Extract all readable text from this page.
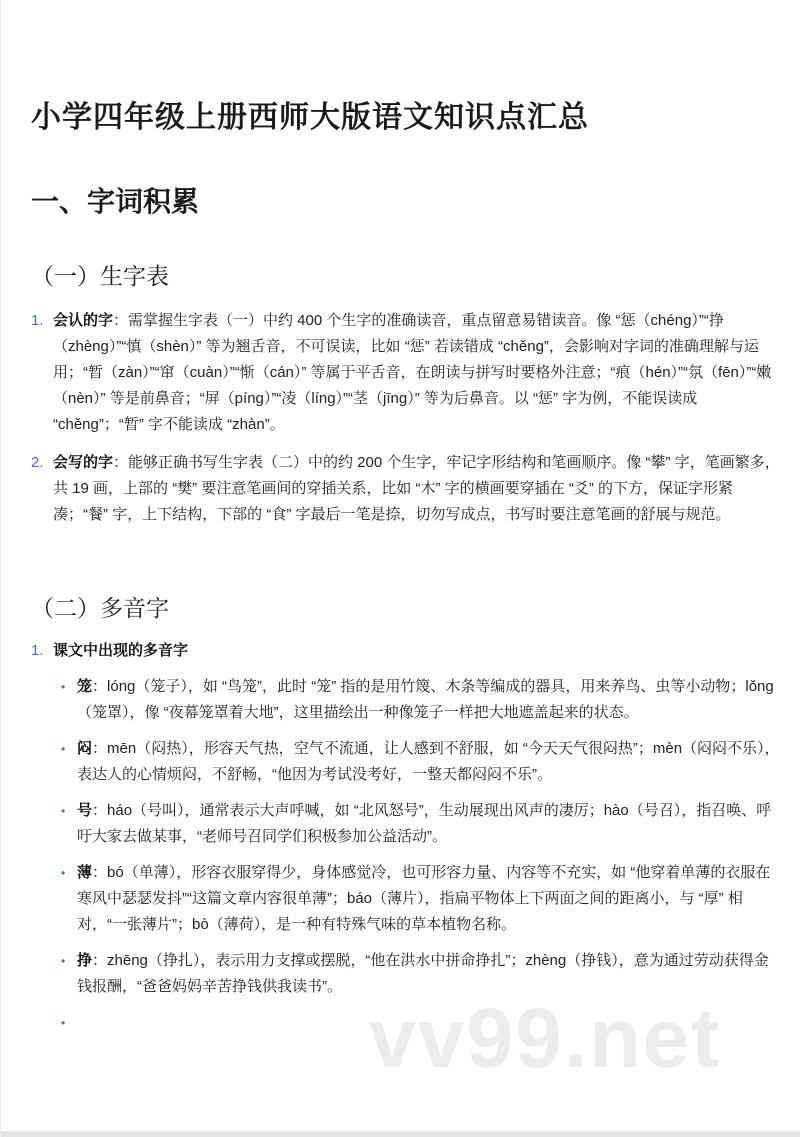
小学四年级上册西师大版语文知识点汇总
一、字词积累
（一）生字表
1. 会认的字：需掌握生字表（一）中约 400 个生字的准确读音，重点留意易错读音。像 “惩（chéng）”“挣（zhèng）”“慎（shèn）” 等为翘舌音，不可误读，比如 “惩” 若读错成 “chěng”，会影响对字词的准确理解与运用；“暂（zàn）”“窜（cuàn）”“惭（cán）” 等属于平舌音，在朗读与拼写时要格外注意；“痕（hén）”“氛（fēn）”“嫩（nèn）” 等是前鼻音；“屏（píng）”“凌（líng）”“茎（jīng）” 等为后鼻音。以 “惩” 字为例，不能误读成 “chěng”；“暂” 字不能读成 “zhàn”。
2. 会写的字：能够正确书写生字表（二）中的约 200 个生字，牢记字形结构和笔画顺序。像 “攀” 字，笔画繁多，共 19 画，上部的 “樊” 要注意笔画间的穿插关系，比如 “木” 字的横画要穿插在 “爻” 的下方，保证字形紧凑；“餐” 字，上下结构，下部的 “食” 字最后一笔是捺，切勿写成点，书写时要注意笔画的舒展与规范。
（二）多音字
1. 课文中出现的多音字
• 笼：lóng（笼子），如 “鸟笼”，此时 “笼” 指的是用竹篾、木条等编成的器具，用来养鸟、虫等小动物；lǒng（笼罩），像 “夜幕笼罩着大地”，这里描绘出一种像笼子一样把大地遮盖起来的状态。
• 闷：mēn（闷热），形容天气热，空气不流通，让人感到不舒服，如 “今天天气很闷热”；mèn（闷闷不乐），表达人的心情烦闷，不舒畅，“他因为考试没考好，一整天都闷闷不乐”。
• 号：háo（号叫），通常表示大声呼喊，如 “北风怒号”，生动展现出风声的凄厉；hào（号召），指召唤、呼吁大家去做某事，“老师号召同学们积极参加公益活动”。
• 薄：bó（单薄），形容衣服穿得少，身体感觉冷，也可形容力量、内容等不充实，如 “他穿着单薄的衣服在寒风中瑟瑟发抖”“这篇文章内容很单薄”；báo（薄片），指扁平物体上下两面之间的距离小，与 “厚” 相对，“一张薄片”；bò（薄荷），是一种有特殊气味的草本植物名称。
• 挣：zhēng（挣扎），表示用力支撑或摆脱，“他在洪水中拼命挣扎”；zhèng（挣钱），意为通过劳动获得金钱报酬，“爸爸妈妈辛苦挣钱供我读书”。
•	vv99.net
